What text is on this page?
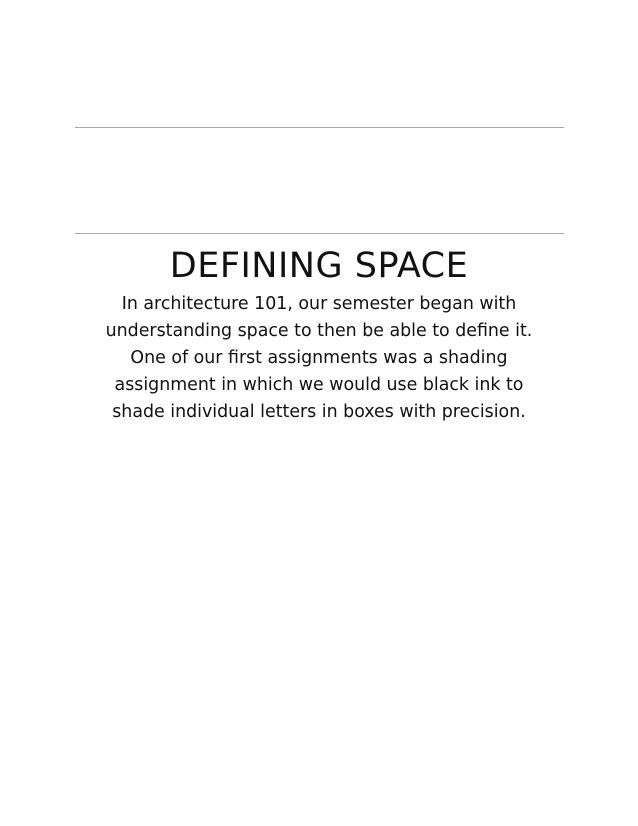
DEFINING SPACE

In architecture 101, our semester began with
understanding space to then be able to define it.
One of our first assignments was a shading
assignment in which we would use black ink to
shade individual letters in boxes with precision.
